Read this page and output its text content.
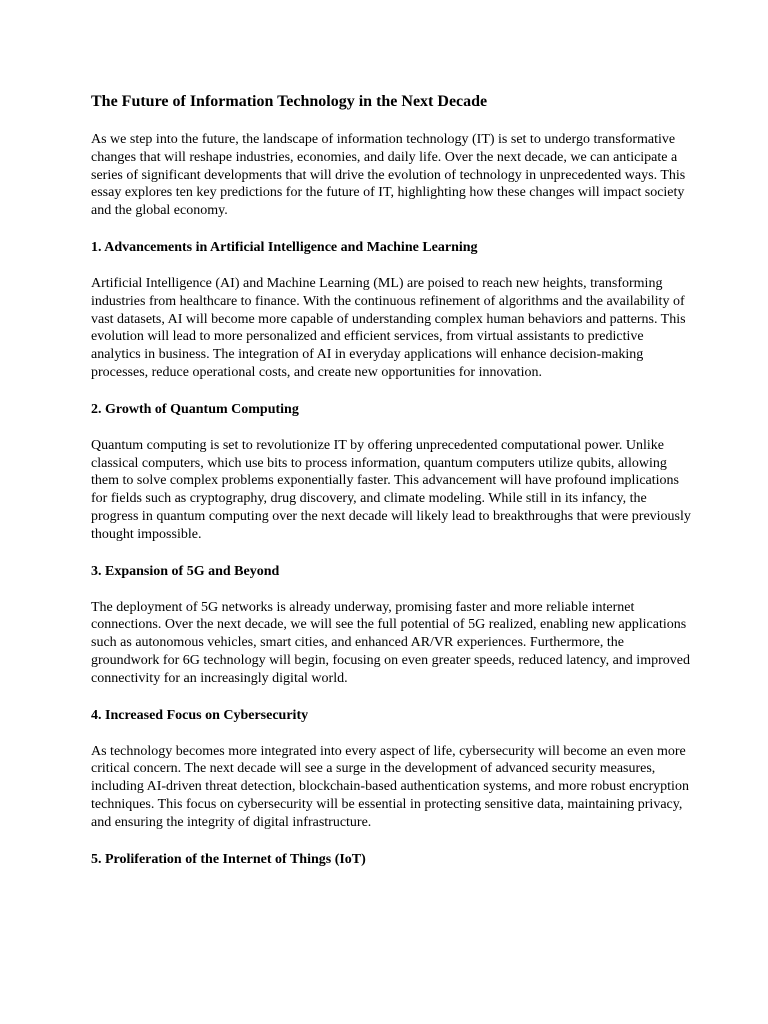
The Future of Information Technology in the Next Decade

As we step into the future, the landscape of information technology (IT) is set to undergo transformative changes that will reshape industries, economies, and daily life. Over the next decade, we can anticipate a series of significant developments that will drive the evolution of technology in unprecedented ways. This essay explores ten key predictions for the future of IT, highlighting how these changes will impact society and the global economy.

1. Advancements in Artificial Intelligence and Machine Learning

Artificial Intelligence (AI) and Machine Learning (ML) are poised to reach new heights, transforming industries from healthcare to finance. With the continuous refinement of algorithms and the availability of vast datasets, AI will become more capable of understanding complex human behaviors and patterns. This evolution will lead to more personalized and efficient services, from virtual assistants to predictive analytics in business. The integration of AI in everyday applications will enhance decision-making processes, reduce operational costs, and create new opportunities for innovation.

2. Growth of Quantum Computing

Quantum computing is set to revolutionize IT by offering unprecedented computational power. Unlike classical computers, which use bits to process information, quantum computers utilize qubits, allowing them to solve complex problems exponentially faster. This advancement will have profound implications for fields such as cryptography, drug discovery, and climate modeling. While still in its infancy, the progress in quantum computing over the next decade will likely lead to breakthroughs that were previously thought impossible.

3. Expansion of 5G and Beyond

The deployment of 5G networks is already underway, promising faster and more reliable internet connections. Over the next decade, we will see the full potential of 5G realized, enabling new applications such as autonomous vehicles, smart cities, and enhanced AR/VR experiences. Furthermore, the groundwork for 6G technology will begin, focusing on even greater speeds, reduced latency, and improved connectivity for an increasingly digital world.

4. Increased Focus on Cybersecurity

As technology becomes more integrated into every aspect of life, cybersecurity will become an even more critical concern. The next decade will see a surge in the development of advanced security measures, including AI-driven threat detection, blockchain-based authentication systems, and more robust encryption techniques. This focus on cybersecurity will be essential in protecting sensitive data, maintaining privacy, and ensuring the integrity of digital infrastructure.

5. Proliferation of the Internet of Things (IoT)
